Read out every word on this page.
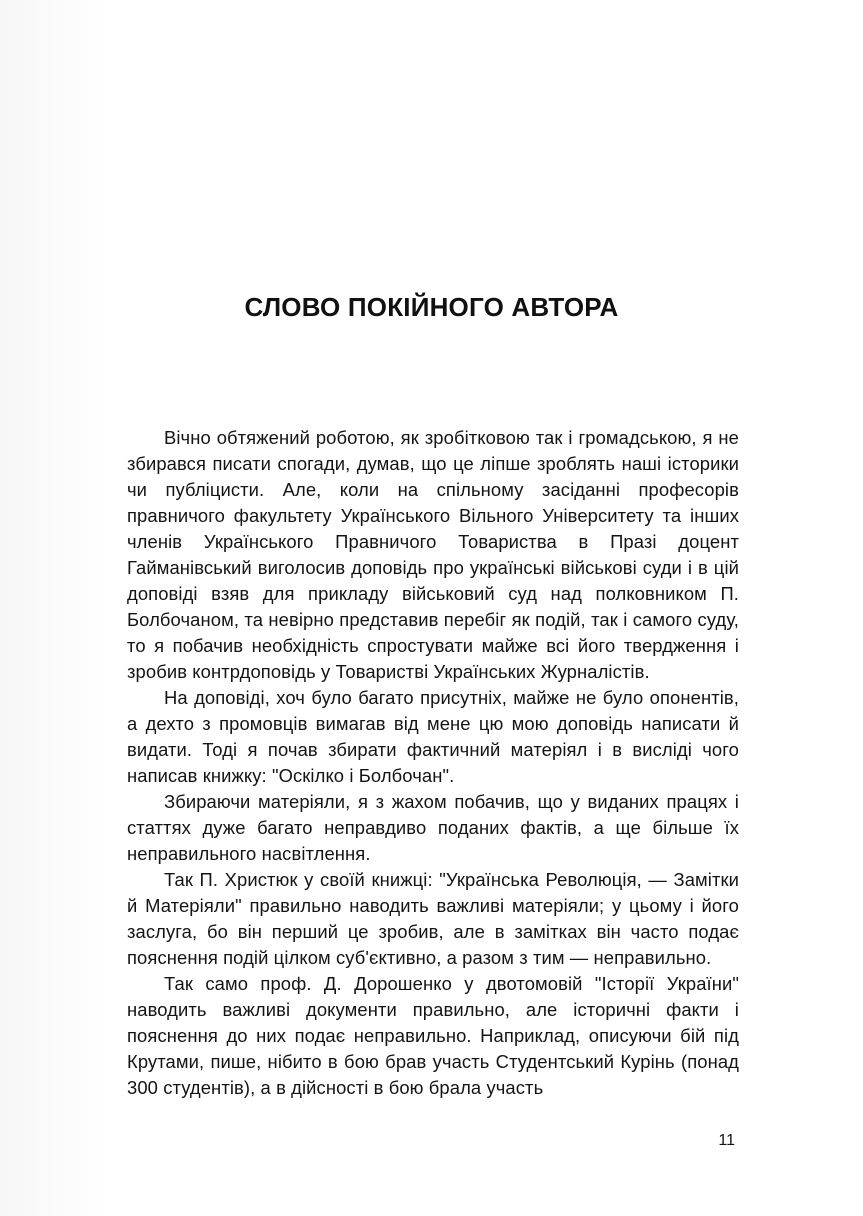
СЛОВО ПОКІЙНОГО АВТОРА

Вічно обтяжений роботою, як зробітковою так і громадською, я не збирався писати спогади, думав, що це ліпше зроблять наші історики чи публіцисти. Але, коли на спільному засіданні професорів правничого факультету Українського Вільного Університету та інших членів Українського Правничого Товариства в Празі доцент Гайманівський виголосив доповідь про українські військові суди і в цій доповіді взяв для прикладу військовий суд над полковником П. Болбочаном, та невірно представив перебіг як подій, так і самого суду, то я побачив необхідність спростувати майже всі його твердження і зробив контрдоповідь у Товаристві Українських Журналістів.

На доповіді, хоч було багато присутніх, майже не було опонентів, а дехто з промовців вимагав від мене цю мою доповідь написати й видати. Тоді я почав збирати фактичний матеріял і в висліді чого написав книжку: "Оскілко і Болбочан".

Збираючи матеріяли, я з жахом побачив, що у виданих працях і статтях дуже багато неправдиво поданих фактів, а ще більше їх неправильного насвітлення.

Так П. Христюк у своїй книжці: "Українська Революція, — Замітки й Матеріяли" правильно наводить важливі матеріяли; у цьому і його заслуга, бо він перший це зробив, але в замітках він часто подає пояснення подій цілком суб'єктивно, а разом з тим — неправильно.

Так само проф. Д. Дорошенко у двотомовій "Історії України" наводить важливі документи правильно, але історичні факти і пояснення до них подає неправильно. Наприклад, описуючи бій під Крутами, пише, нібито в бою брав участь Студентський Курінь (понад 300 студентів), а в дійсності в бою брала участь

11
